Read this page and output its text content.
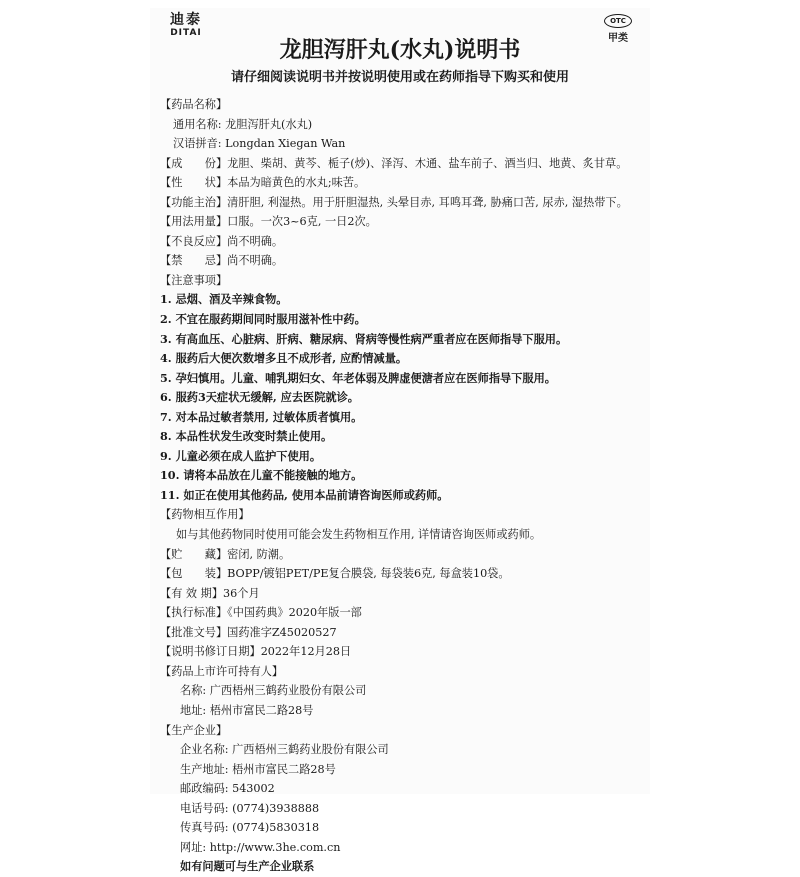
迪泰
DITAI
OTC
甲类
龙胆泻肝丸(水丸)说明书
请仔细阅读说明书并按说明使用或在药师指导下购买和使用
【药品名称】
通用名称: 龙胆泻肝丸(水丸)
汉语拼音: Longdan Xiegan Wan
【成　　份】龙胆、柴胡、黄芩、栀子(炒)、泽泻、木通、盐车前子、酒当归、地黄、炙甘草。
【性　　状】本品为暗黄色的水丸;味苦。
【功能主治】清肝胆, 利湿热。用于肝胆湿热, 头晕目赤, 耳鸣耳聋, 胁痛口苦, 尿赤, 湿热带下。
【用法用量】口服。一次3~6克, 一日2次。
【不良反应】尚不明确。
【禁　　忌】尚不明确。
【注意事项】
1. 忌烟、酒及辛辣食物。
2. 不宜在服药期间同时服用滋补性中药。
3. 有高血压、心脏病、肝病、糖尿病、肾病等慢性病严重者应在医师指导下服用。
4. 服药后大便次数增多且不成形者, 应酌情减量。
5. 孕妇慎用。儿童、哺乳期妇女、年老体弱及脾虚便溏者应在医师指导下服用。
6. 服药3天症状无缓解, 应去医院就诊。
7. 对本品过敏者禁用, 过敏体质者慎用。
8. 本品性状发生改变时禁止使用。
9. 儿童必须在成人监护下使用。
10. 请将本品放在儿童不能接触的地方。
11. 如正在使用其他药品, 使用本品前请咨询医师或药师。
【药物相互作用】
如与其他药物同时使用可能会发生药物相互作用, 详情请咨询医师或药师。
【贮　　藏】密闭, 防潮。
【包　　装】BOPP/镀铝PET/PE复合膜袋, 每袋装6克, 每盒装10袋。
【有 效 期】36个月
【执行标准】《中国药典》2020年版一部
【批准文号】国药准字Z45020527
【说明书修订日期】2022年12月28日
【药品上市许可持有人】
名称: 广西梧州三鹤药业股份有限公司
地址: 梧州市富民二路28号
【生产企业】
企业名称: 广西梧州三鹤药业股份有限公司
生产地址: 梧州市富民二路28号
邮政编码: 543002
电话号码: (0774)3938888
传真号码: (0774)5830318
网址: http://www.3he.com.cn
如有问题可与生产企业联系
